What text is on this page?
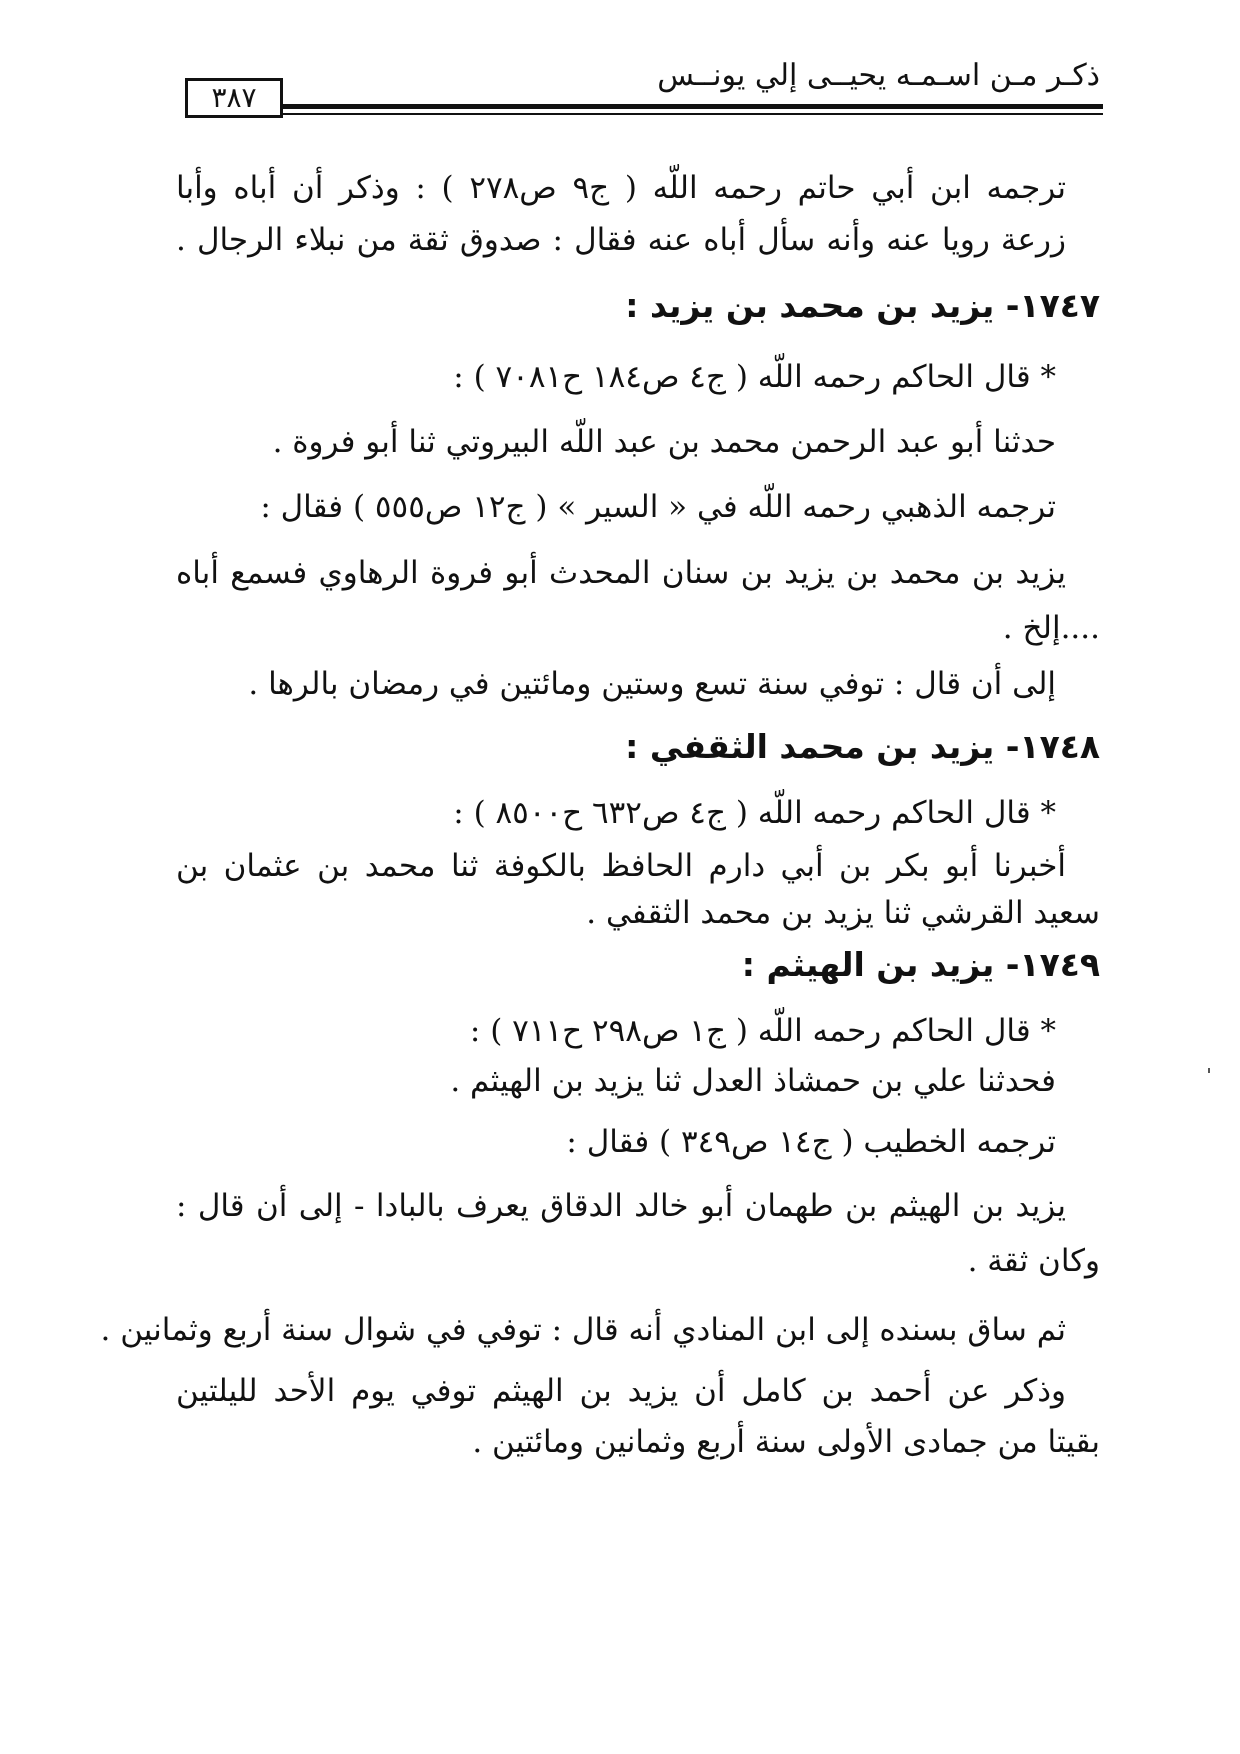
ذكـر مـن اسـمـه يحيــى إلي يونــس
٣٨٧
ترجمه ابن أبي حاتم رحمه اللّه ( ج٩ ص٢٧٨ ) : وذكر أن أباه وأبا
زرعة رويا عنه وأنه سأل أباه عنه فقال : صدوق ثقة من نبلاء الرجال .
١٧٤٧- يزيد بن محمد بن يزيد :
* قال الحاكم رحمه اللّه ( ج٤ ص١٨٤ ح٧٠٨١ ) :
حدثنا أبو عبد الرحمن محمد بن عبد اللّه البيروتي ثنا أبو فروة .
ترجمه الذهبي رحمه اللّه في « السير » ( ج١٢ ص٥٥٥ ) فقال :
يزيد بن محمد بن يزيد بن سنان المحدث أبو فروة الرهاوي فسمع أباه
....إلخ .
إلى أن قال : توفي سنة تسع وستين ومائتين في رمضان بالرها .
١٧٤٨- يزيد بن محمد الثقفي :
* قال الحاكم رحمه اللّه ( ج٤ ص٦٣٢ ح٨٥٠٠ ) :
أخبرنا أبو بكر بن أبي دارم الحافظ بالكوفة ثنا محمد بن عثمان بن
سعيد القرشي ثنا يزيد بن محمد الثقفي .
١٧٤٩- يزيد بن الهيثم :
* قال الحاكم رحمه اللّه ( ج١ ص٢٩٨ ح٧١١ ) :
فحدثنا علي بن حمشاذ العدل ثنا يزيد بن الهيثم .
ترجمه الخطيب ( ج١٤ ص٣٤٩ ) فقال :
يزيد بن الهيثم بن طهمان أبو خالد الدقاق يعرف بالبادا - إلى أن قال :
وكان ثقة .
ثم ساق بسنده إلى ابن المنادي أنه قال : توفي في شوال سنة أربع وثمانين .
وذكر عن أحمد بن كامل أن يزيد بن الهيثم توفي يوم الأحد لليلتين
بقيتا من جمادى الأولى سنة أربع وثمانين ومائتين .
